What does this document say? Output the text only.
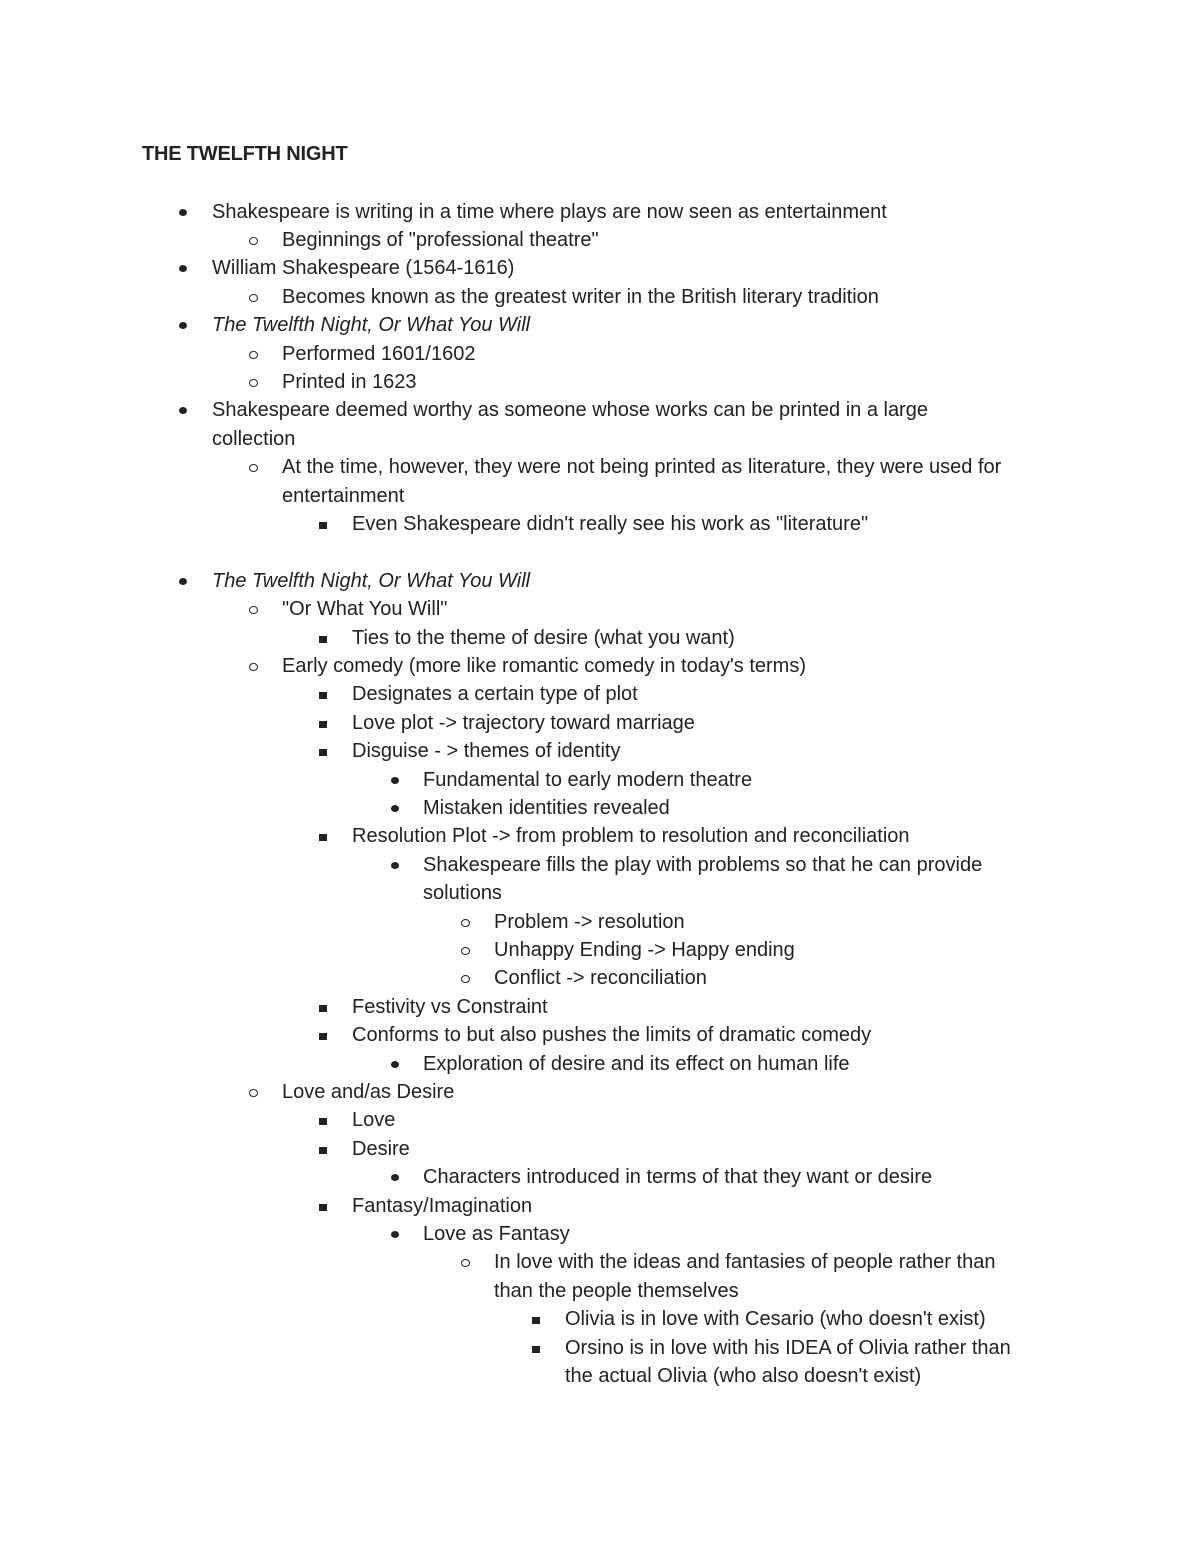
THE TWELFTH NIGHT
Shakespeare is writing in a time where plays are now seen as entertainment
Beginnings of "professional theatre"
William Shakespeare (1564-1616)
Becomes known as the greatest writer in the British literary tradition
The Twelfth Night, Or What You Will
Performed 1601/1602
Printed in 1623
Shakespeare deemed worthy as someone whose works can be printed in a large
collection
At the time, however, they were not being printed as literature, they were used for
entertainment
Even Shakespeare didn't really see his work as "literature"
The Twelfth Night, Or What You Will
"Or What You Will"
Ties to the theme of desire (what you want)
Early comedy (more like romantic comedy in today's terms)
Designates a certain type of plot
Love plot -> trajectory toward marriage
Disguise - > themes of identity
Fundamental to early modern theatre
Mistaken identities revealed
Resolution Plot -> from problem to resolution and reconciliation
Shakespeare fills the play with problems so that he can provide
solutions
Problem -> resolution
Unhappy Ending -> Happy ending
Conflict -> reconciliation
Festivity vs Constraint
Conforms to but also pushes the limits of dramatic comedy
Exploration of desire and its effect on human life
Love and/as Desire
Love
Desire
Characters introduced in terms of that they want or desire
Fantasy/Imagination
Love as Fantasy
In love with the ideas and fantasies of people rather than
than the people themselves
Olivia is in love with Cesario (who doesn't exist)
Orsino is in love with his IDEA of Olivia rather than
the actual Olivia (who also doesn't exist)
